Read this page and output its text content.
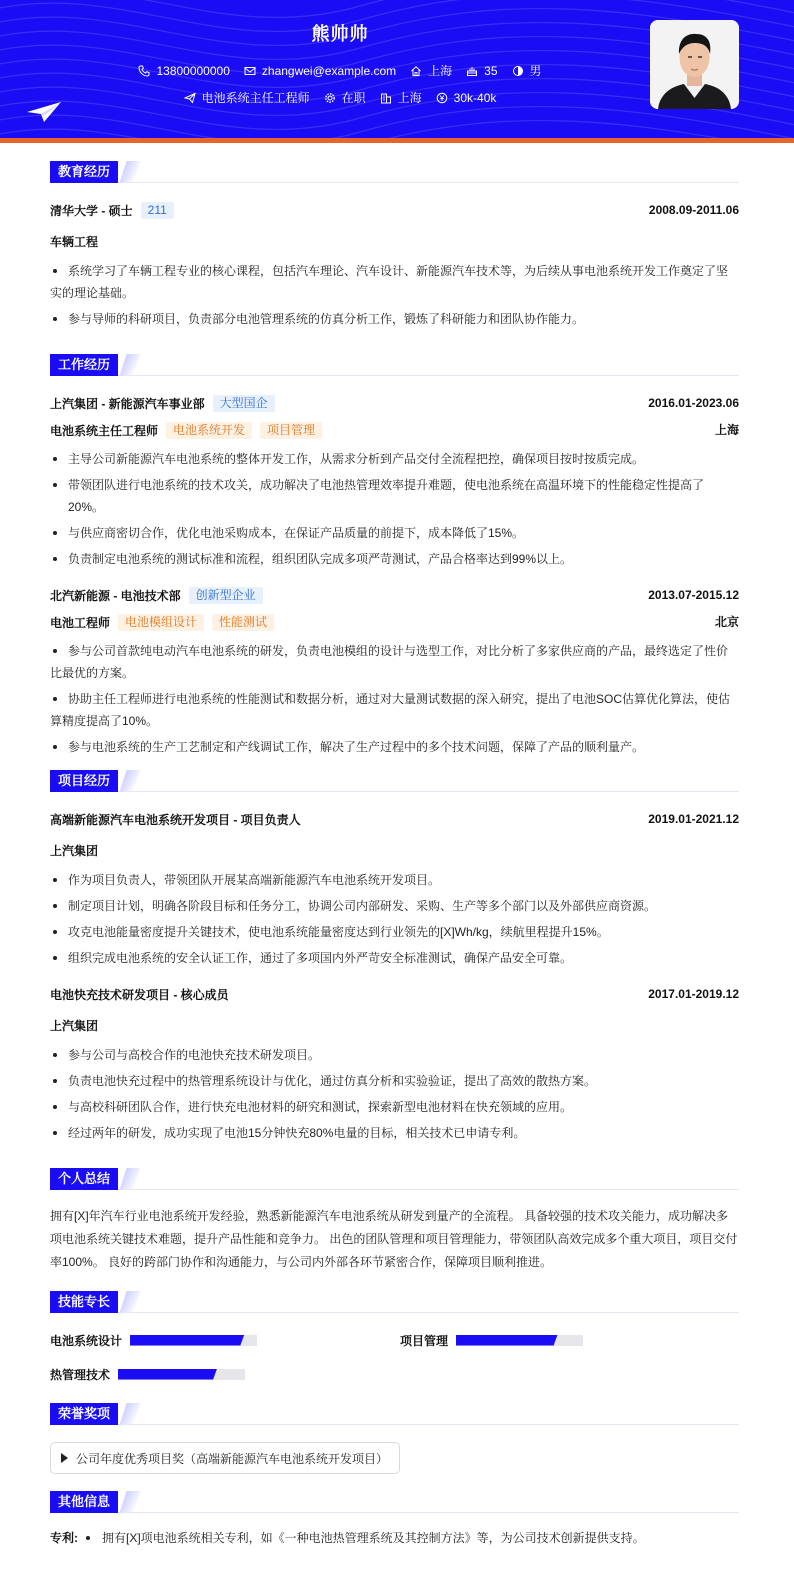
熊帅帅
13800000000	zhangwei@example.com	上海	35	男
电池系统主任工程师	在职	上海	30k-40k
教育经历
清华大学 - 硕士	211	2008.09-2011.06
车辆工程
系统学习了车辆工程专业的核心课程，包括汽车理论、汽车设计、新能源汽车技术等，为后续从事电池系统开发工作奠定了坚实的理论基础。
参与导师的科研项目，负责部分电池管理系统的仿真分析工作，锻炼了科研能力和团队协作能力。
工作经历
上汽集团 - 新能源汽车事业部	大型国企	2016.01-2023.06
电池系统主任工程师	电池系统开发	项目管理	上海
主导公司新能源汽车电池系统的整体开发工作，从需求分析到产品交付全流程把控，确保项目按时按质完成。
带领团队进行电池系统的技术攻关，成功解决了电池热管理效率提升难题，使电池系统在高温环境下的性能稳定性提高了20%。
与供应商密切合作，优化电池采购成本，在保证产品质量的前提下，成本降低了15%。
负责制定电池系统的测试标准和流程，组织团队完成多项严苛测试，产品合格率达到99%以上。
北汽新能源 - 电池技术部	创新型企业	2013.07-2015.12
电池工程师	电池模组设计	性能测试	北京
参与公司首款纯电动汽车电池系统的研发，负责电池模组的设计与选型工作，对比分析了多家供应商的产品，最终选定了性价比最优的方案。
协助主任工程师进行电池系统的性能测试和数据分析，通过对大量测试数据的深入研究，提出了电池SOC估算优化算法，使估算精度提高了10%。
参与电池系统的生产工艺制定和产线调试工作，解决了生产过程中的多个技术问题，保障了产品的顺利量产。
项目经历
高端新能源汽车电池系统开发项目 - 项目负责人	2019.01-2021.12
上汽集团
作为项目负责人，带领团队开展某高端新能源汽车电池系统开发项目。
制定项目计划，明确各阶段目标和任务分工，协调公司内部研发、采购、生产等多个部门以及外部供应商资源。
攻克电池能量密度提升关键技术，使电池系统能量密度达到行业领先的[X]Wh/kg，续航里程提升15%。
组织完成电池系统的安全认证工作，通过了多项国内外严苛安全标准测试，确保产品安全可靠。
电池快充技术研发项目 - 核心成员	2017.01-2019.12
上汽集团
参与公司与高校合作的电池快充技术研发项目。
负责电池快充过程中的热管理系统设计与优化，通过仿真分析和实验验证，提出了高效的散热方案。
与高校科研团队合作，进行快充电池材料的研究和测试，探索新型电池材料在快充领域的应用。
经过两年的研发，成功实现了电池15分钟快充80%电量的目标，相关技术已申请专利。
个人总结
拥有[X]年汽车行业电池系统开发经验，熟悉新能源汽车电池系统从研发到量产的全流程。 具备较强的技术攻关能力，成功解决多项电池系统关键技术难题，提升产品性能和竞争力。 出色的团队管理和项目管理能力，带领团队高效完成多个重大项目，项目交付率100%。 良好的跨部门协作和沟通能力，与公司内外部各环节紧密合作，保障项目顺利推进。
技能专长
电池系统设计	项目管理
热管理技术
荣誉奖项
公司年度优秀项目奖（高端新能源汽车电池系统开发项目）
其他信息
专利: 拥有[X]项电池系统相关专利，如《一种电池热管理系统及其控制方法》等，为公司技术创新提供支持。
